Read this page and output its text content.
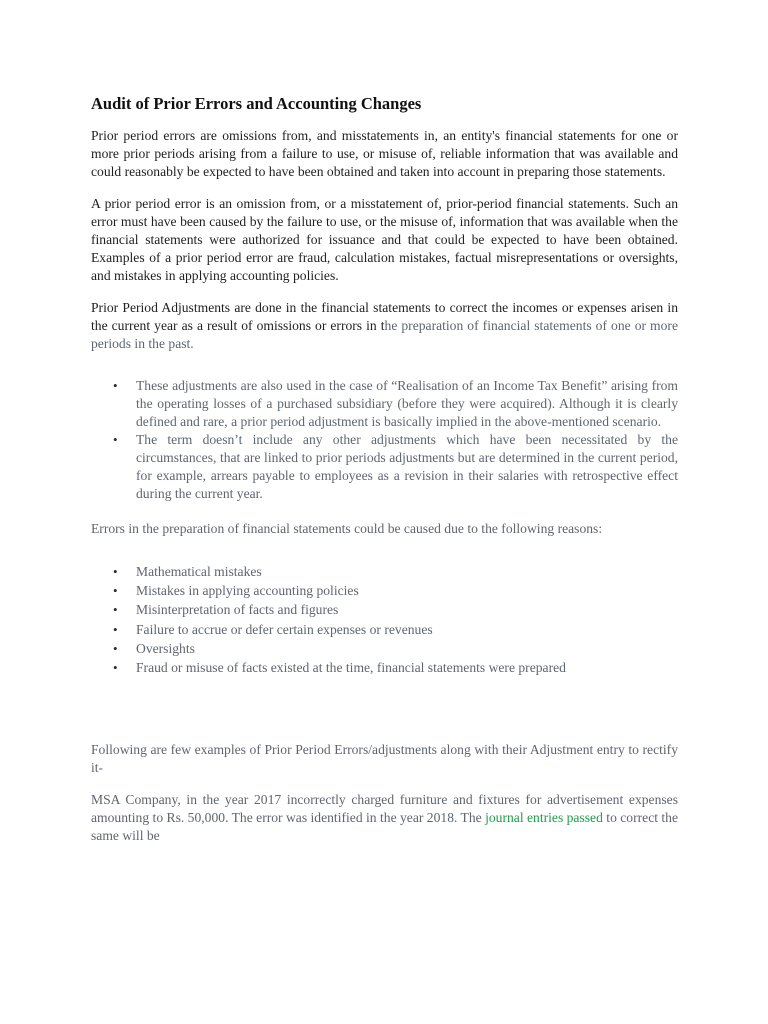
Audit of Prior Errors and Accounting Changes

Prior period errors are omissions from, and misstatements in, an entity's financial statements for one or more prior periods arising from a failure to use, or misuse of, reliable information that was available and could reasonably be expected to have been obtained and taken into account in preparing those statements.

A prior period error is an omission from, or a misstatement of, prior-period financial statements. Such an error must have been caused by the failure to use, or the misuse of, information that was available when the financial statements were authorized for issuance and that could be expected to have been obtained. Examples of a prior period error are fraud, calculation mistakes, factual misrepresentations or oversights, and mistakes in applying accounting policies.

Prior Period Adjustments are done in the financial statements to correct the incomes or expenses arisen in the current year as a result of omissions or errors in the preparation of financial statements of one or more periods in the past.

• These adjustments are also used in the case of “Realisation of an Income Tax Benefit” arising from the operating losses of a purchased subsidiary (before they were acquired). Although it is clearly defined and rare, a prior period adjustment is basically implied in the above-mentioned scenario.
• The term doesn’t include any other adjustments which have been necessitated by the circumstances, that are linked to prior periods adjustments but are determined in the current period, for example, arrears payable to employees as a revision in their salaries with retrospective effect during the current year.

Errors in the preparation of financial statements could be caused due to the following reasons:

• Mathematical mistakes
• Mistakes in applying accounting policies
• Misinterpretation of facts and figures
• Failure to accrue or defer certain expenses or revenues
• Oversights
• Fraud or misuse of facts existed at the time, financial statements were prepared

Following are few examples of Prior Period Errors/adjustments along with their Adjustment entry to rectify it-

MSA Company, in the year 2017 incorrectly charged furniture and fixtures for advertisement expenses amounting to Rs. 50,000. The error was identified in the year 2018. The journal entries passed to correct the same will be
